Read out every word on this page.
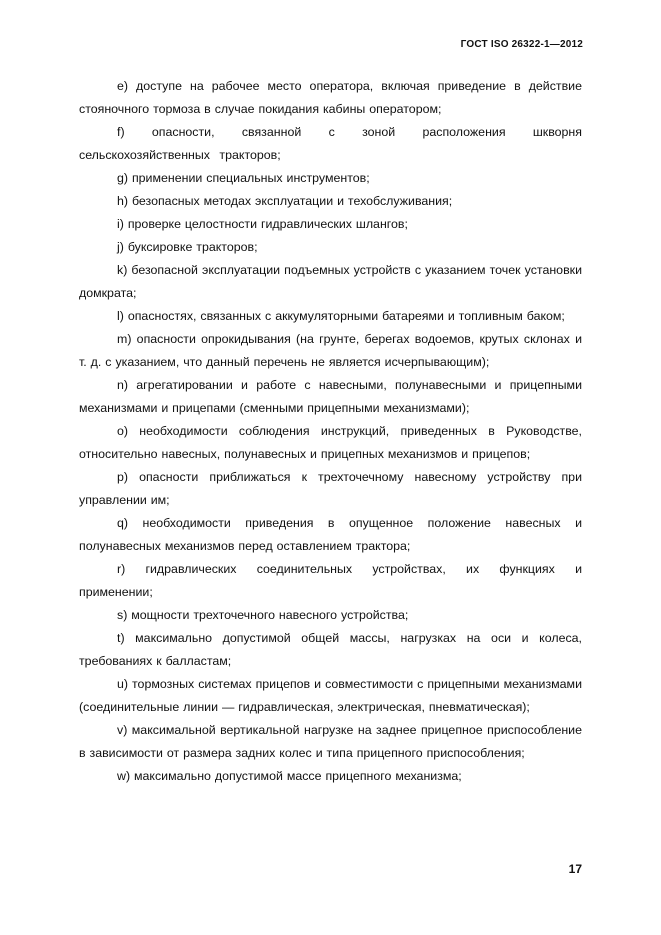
ГОСТ ISO 26322-1—2012

e) доступе на рабочее место оператора, включая приведение в действие стояночного тормоза в случае покидания кабины оператором;

f) опасности, связанной с зоной расположения шкворня сельскохозяйственных тракторов;

g) применении специальных инструментов;

h) безопасных методах эксплуатации и техобслуживания;

i) проверке целостности гидравлических шлангов;

j) буксировке тракторов;

k) безопасной эксплуатации подъемных устройств с указанием точек установки домкрата;

l) опасностях, связанных с аккумуляторными батареями и топливным баком;

m) опасности опрокидывания (на грунте, берегах водоемов, крутых склонах и т. д. с указанием, что данный перечень не является исчерпывающим);

n) агрегатировании и работе с навесными, полунавесными и прицепными механизмами и прицепами (сменными прицепными механизмами);

o) необходимости соблюдения инструкций, приведенных в Руководстве, относительно навесных, полунавесных и прицепных механизмов и прицепов;

p) опасности приближаться к трехточечному навесному устройству при управлении им;

q) необходимости приведения в опущенное положение навесных и полунавесных механизмов перед оставлением трактора;

r) гидравлических соединительных устройствах, их функциях и применении;

s) мощности трехточечного навесного устройства;

t) максимально допустимой общей массы, нагрузках на оси и колеса, требованиях к балластам;

u) тормозных системах прицепов и совместимости с прицепными механизмами (соединительные линии — гидравлическая, электрическая, пневматическая);

v) максимальной вертикальной нагрузке на заднее прицепное приспособление в зависимости от размера задних колес и типа прицепного приспособления;

w) максимально допустимой массе прицепного механизма;

17
